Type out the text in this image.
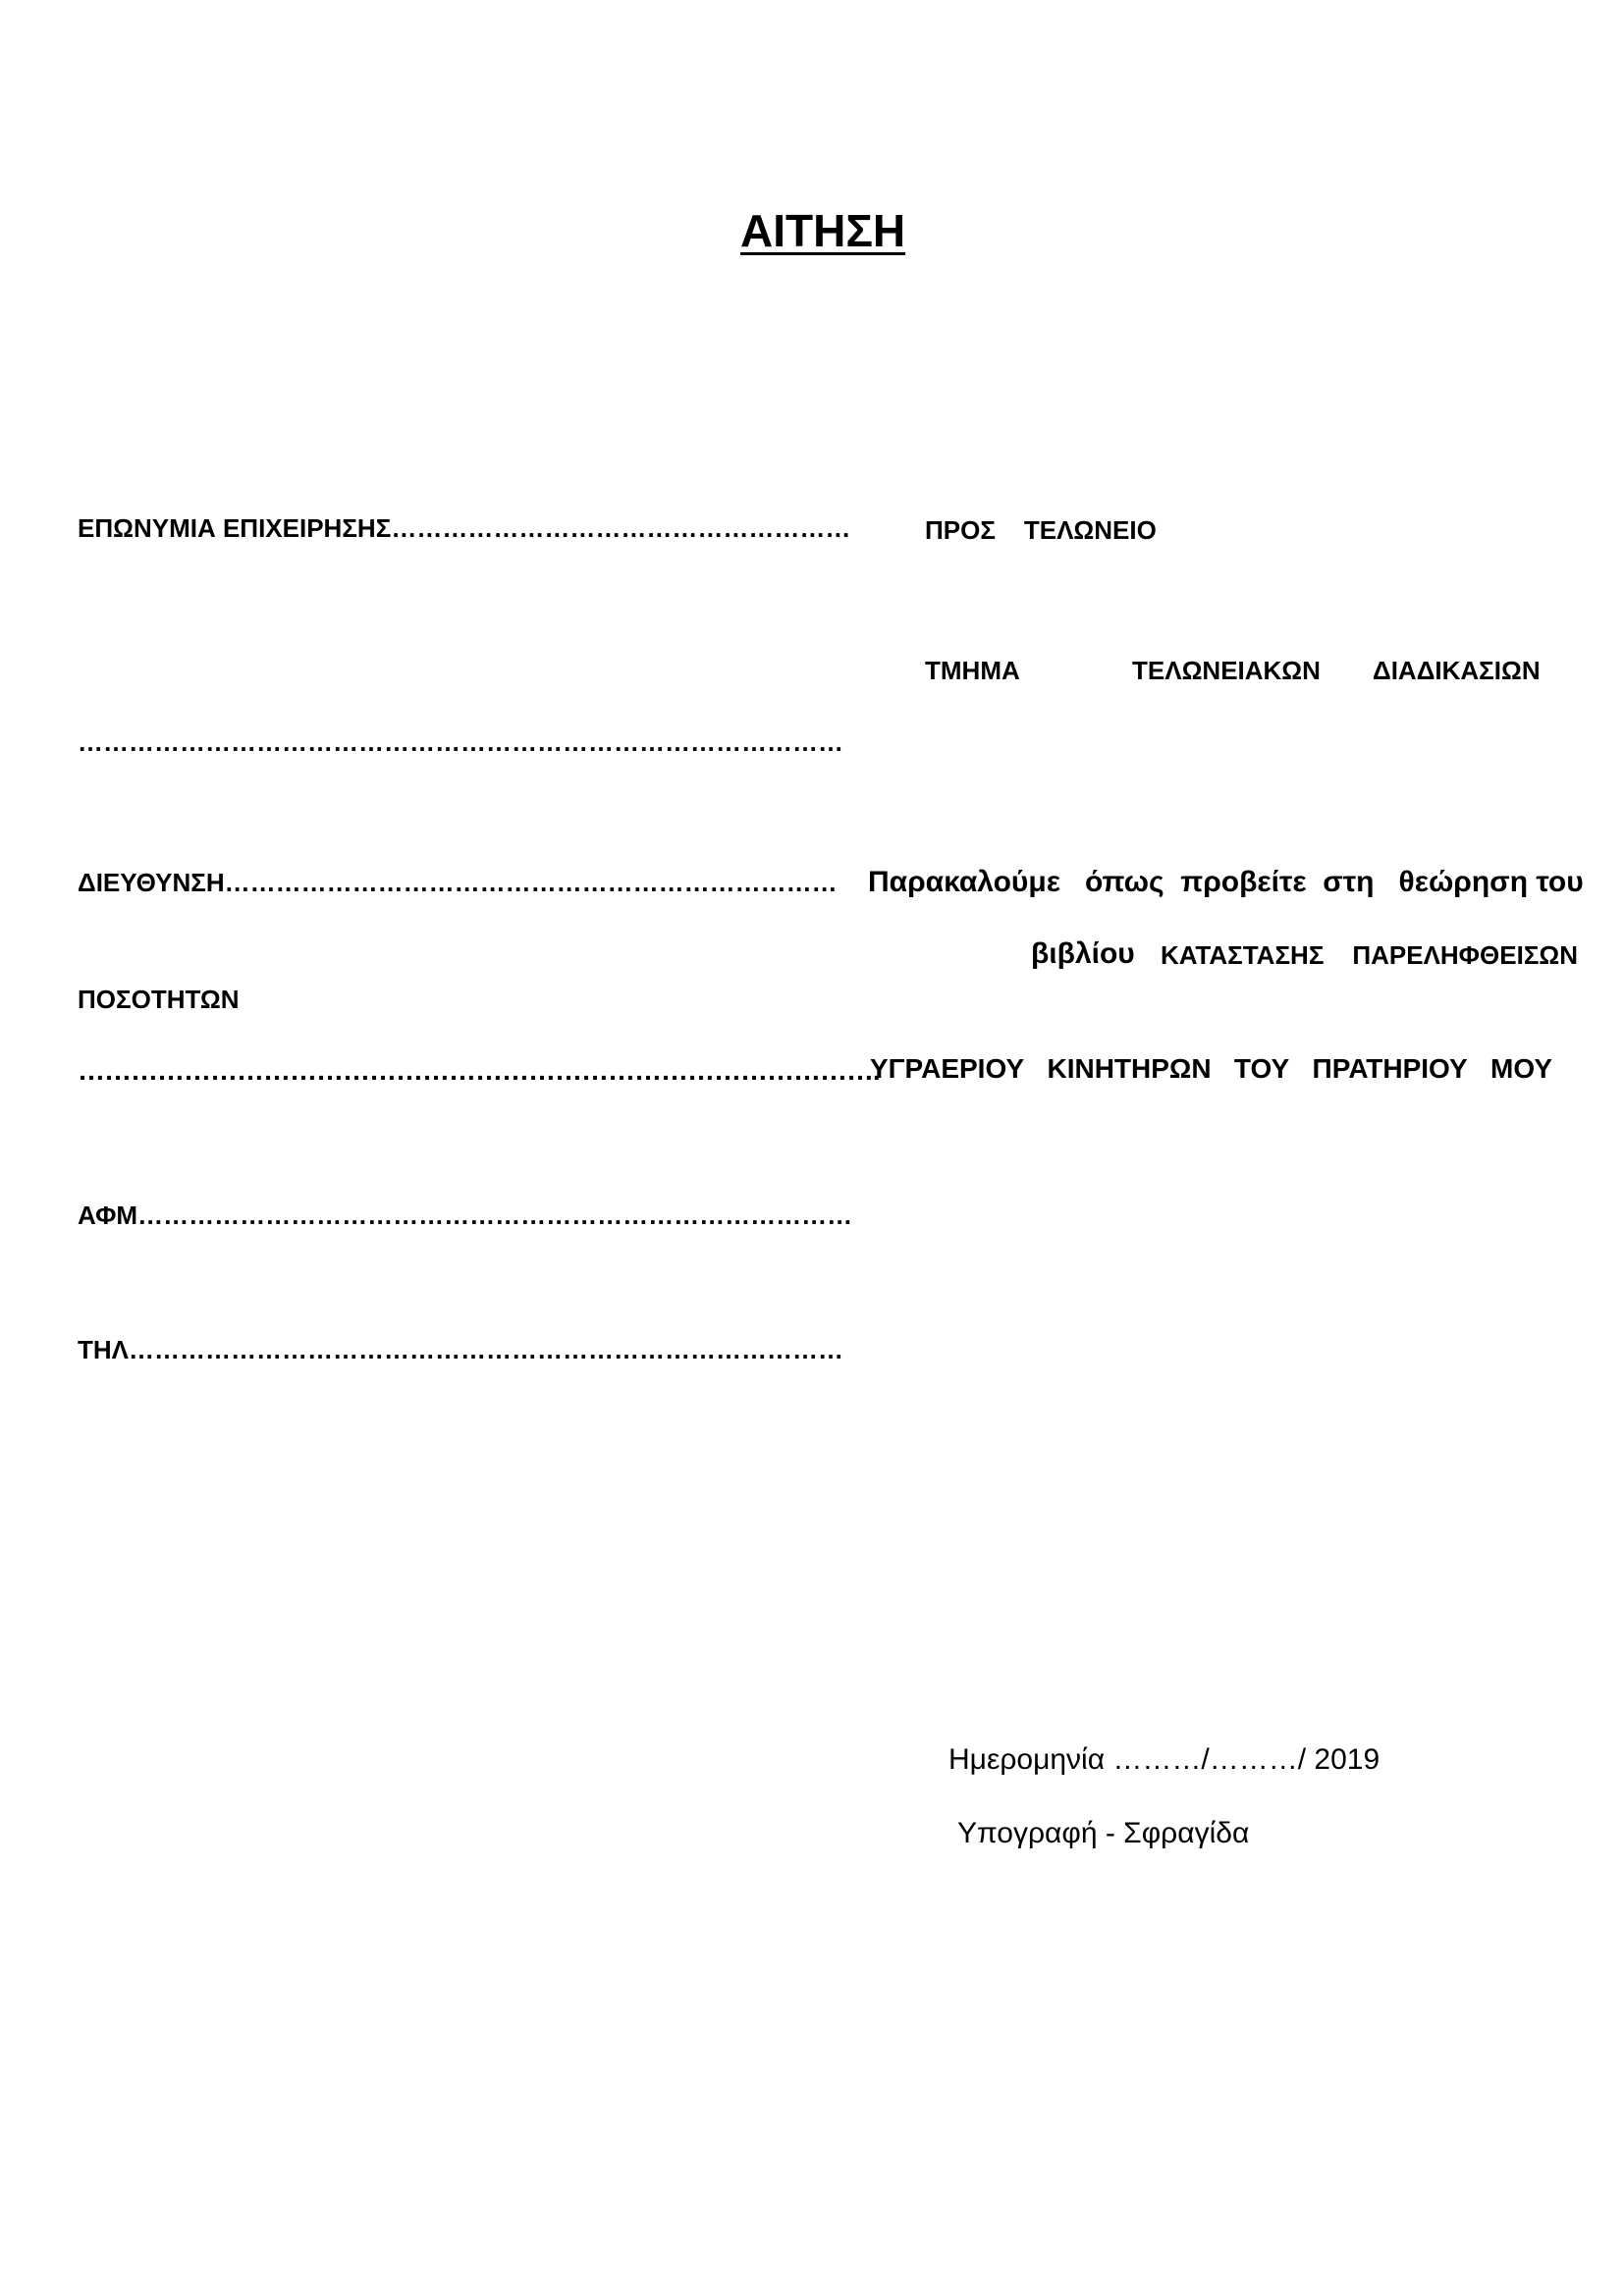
ΑΙΤΗΣΗ
ΕΠΩΝΥΜΙΑ ΕΠΙΧΕΙΡΗΣΗΣ………………………………………………
………………………………………………………………………………
ΔΙΕΥΘΥΝΣΗ………………………………………………………………
ΠΟΣΟΤΗΤΩΝ
……………………………………………………………………………….
ΑΦΜ…………………………………………………………………………
ΤΗΛ…………………………………………………………………………
ΠΡΟΣ    ΤΕΛΩΝΕΙΟ
ΤΜΗΜΑ	ΤΕΛΩΝΕΙΑΚΩΝ ΔΙΑΔΙΚΑΣΙΩΝ
Παρακαλούμε   όπως  προβείτε  στη   θεώρηση του
βιβλίου ΚΑΤΑΣΤΑΣΗΣ    ΠΑΡΕΛΗΦΘΕΙΣΩΝ
ΥΓΡΑΕΡΙΟΥ   ΚΙΝΗΤΗΡΩΝ   ΤΟΥ   ΠΡΑΤΗΡΙΟΥ   ΜΟΥ
Ημερομηνία ………/………/ 2019
Υπογραφή - Σφραγίδα
